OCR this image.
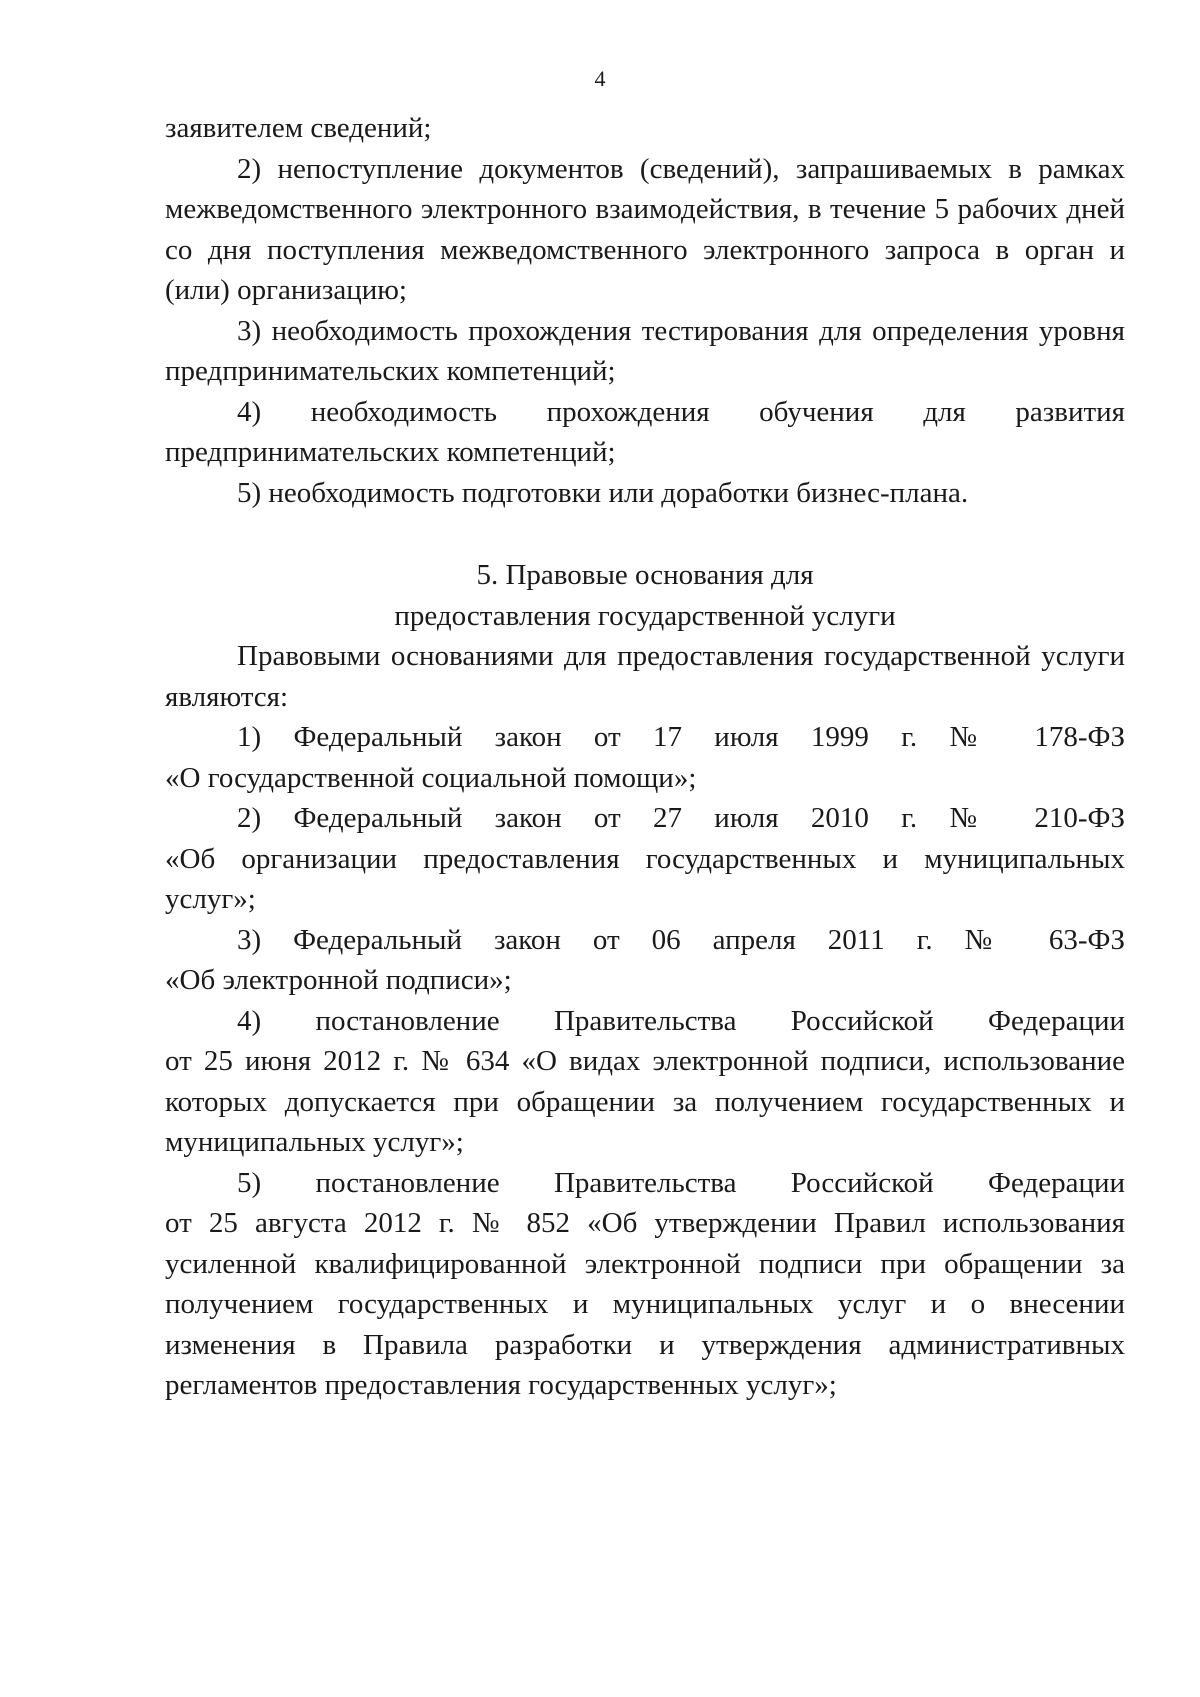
4

заявителем сведений;

2) непоступление документов (сведений), запрашиваемых в рамках межведомственного электронного взаимодействия, в течение 5 рабочих дней со дня поступления межведомственного электронного запроса в орган и (или) организацию;

3) необходимость прохождения тестирования для определения уровня предпринимательских компетенций;

4) необходимость прохождения обучения для развития предпринимательских компетенций;

5) необходимость подготовки или доработки бизнес-плана.

5. Правовые основания для

предоставления государственной услуги

Правовыми основаниями для предоставления государственной услуги являются:

1) Федеральный закон от 17 июля 1999 г. № 178-ФЗ

«О государственной социальной помощи»;

2) Федеральный закон от 27 июля 2010 г. № 210-ФЗ

«Об организации предоставления государственных и муниципальных услуг»;

3) Федеральный закон от 06 апреля 2011 г. № 63-ФЗ

«Об электронной подписи»;

4) постановление Правительства Российской Федерации

от 25 июня 2012 г. № 634 «О видах электронной подписи, использование которых допускается при обращении за получением государственных и муниципальных услуг»;

5) постановление Правительства Российской Федерации

от 25 августа 2012 г. № 852 «Об утверждении Правил использования усиленной квалифицированной электронной подписи при обращении за получением государственных и муниципальных услуг и о внесении изменения в Правила разработки и утверждения административных регламентов предоставления государственных услуг»;
